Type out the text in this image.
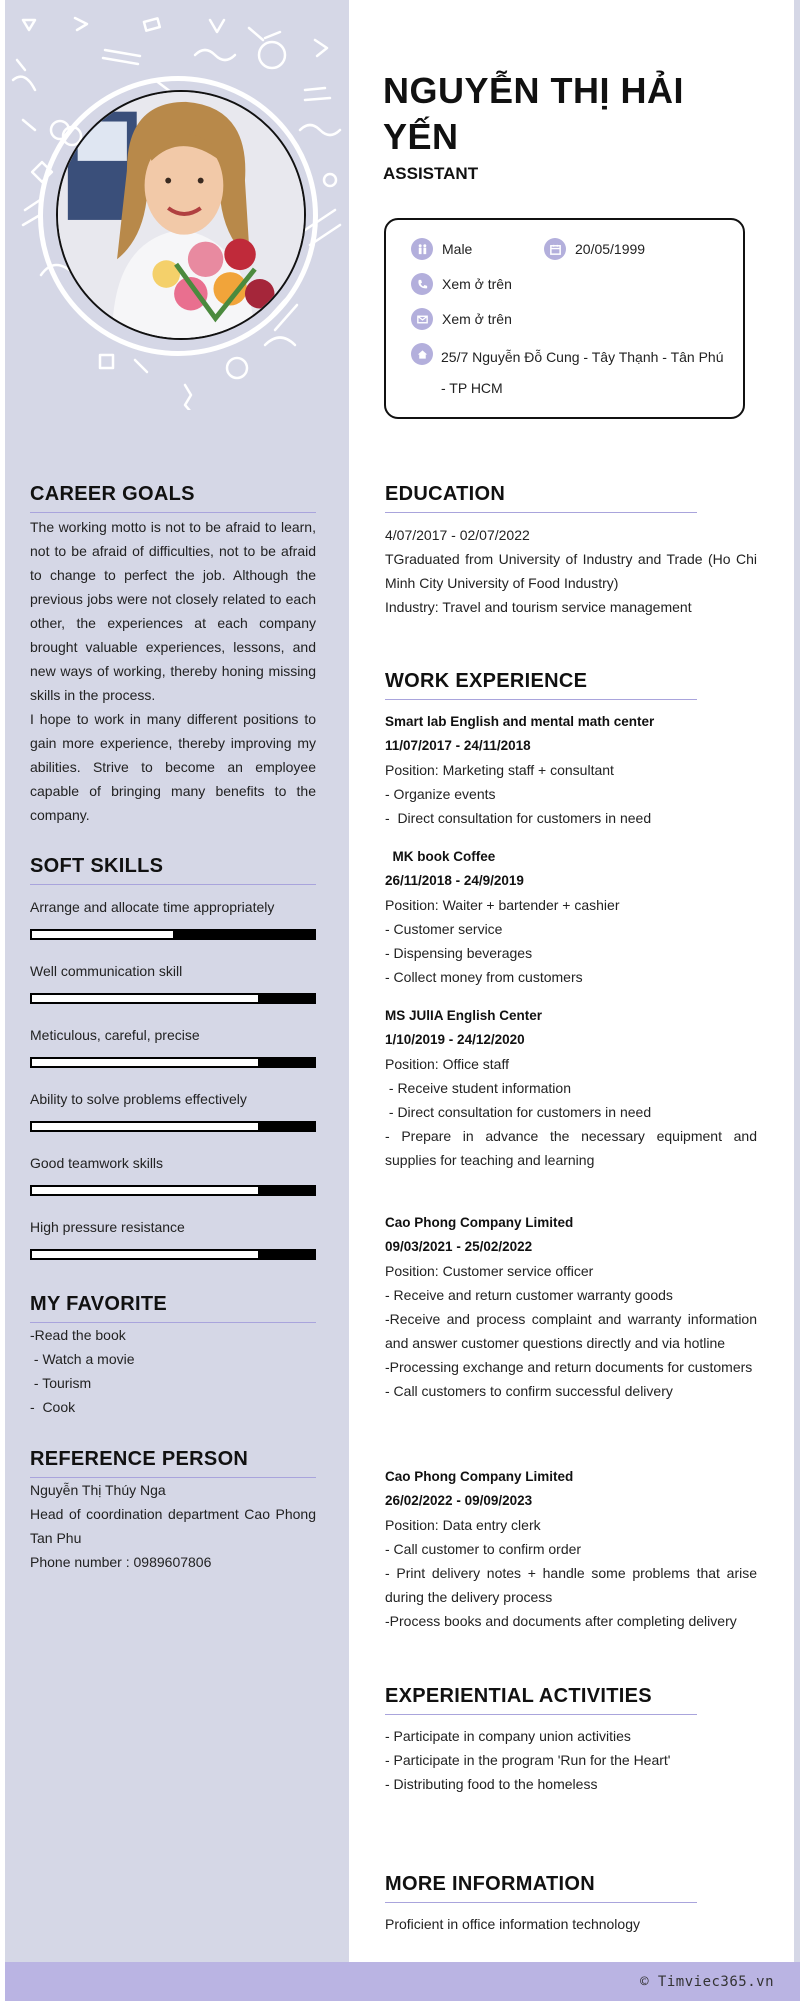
NGUYỄN THỊ HẢI YẾN
ASSISTANT
Male	20/05/1999
Xem ở trên
Xem ở trên
25/7 Nguyễn Đỗ Cung - Tây Thạnh - Tân Phú - TP HCM
CAREER GOALS
The working motto is not to be afraid to learn, not to be afraid of difficulties, not to be afraid to change to perfect the job. Although the previous jobs were not closely related to each other, the experiences at each company brought valuable experiences, lessons, and new ways of working, thereby honing missing skills in the process.
I hope to work in many different positions to gain more experience, thereby improving my abilities. Strive to become an employee capable of bringing many benefits to the company.
SOFT SKILLS
Arrange and allocate time appropriately
Well communication skill
Meticulous, careful, precise
Ability to solve problems effectively
Good teamwork skills
High pressure resistance
MY FAVORITE
-Read the book
- Watch a movie
- Tourism
-  Cook
REFERENCE PERSON
Nguyễn Thị Thúy Nga
Head of coordination department Cao Phong Tan Phu
Phone number : 0989607806
EDUCATION
4/07/2017 - 02/07/2022
TGraduated from University of Industry and Trade (Ho Chi Minh City University of Food Industry)
Industry: Travel and tourism service management
WORK EXPERIENCE
Smart lab English and mental math center
11/07/2017 - 24/11/2018
Position: Marketing staff + consultant
- Organize events
-  Direct consultation for customers in need
MK book Coffee
26/11/2018 - 24/9/2019
Position: Waiter + bartender + cashier
- Customer service
- Dispensing beverages
- Collect money from customers
MS JUlIA English Center
1/10/2019 - 24/12/2020
Position: Office staff
- Receive student information
- Direct consultation for customers in need
- Prepare in advance the necessary equipment and supplies for teaching and learning
Cao Phong Company Limited
09/03/2021 - 25/02/2022
Position: Customer service officer
- Receive and return customer warranty goods
-Receive and process complaint and warranty information and answer customer questions directly and via hotline
-Processing exchange and return documents for customers
- Call customers to confirm successful delivery
Cao Phong Company Limited
26/02/2022 - 09/09/2023
Position: Data entry clerk
- Call customer to confirm order
- Print delivery notes + handle some problems that arise during the delivery process
-Process books and documents after completing delivery
EXPERIENTIAL ACTIVITIES
- Participate in company union activities
- Participate in the program 'Run for the Heart'
- Distributing food to the homeless
MORE INFORMATION
Proficient in office information technology
© Timviec365.vn
